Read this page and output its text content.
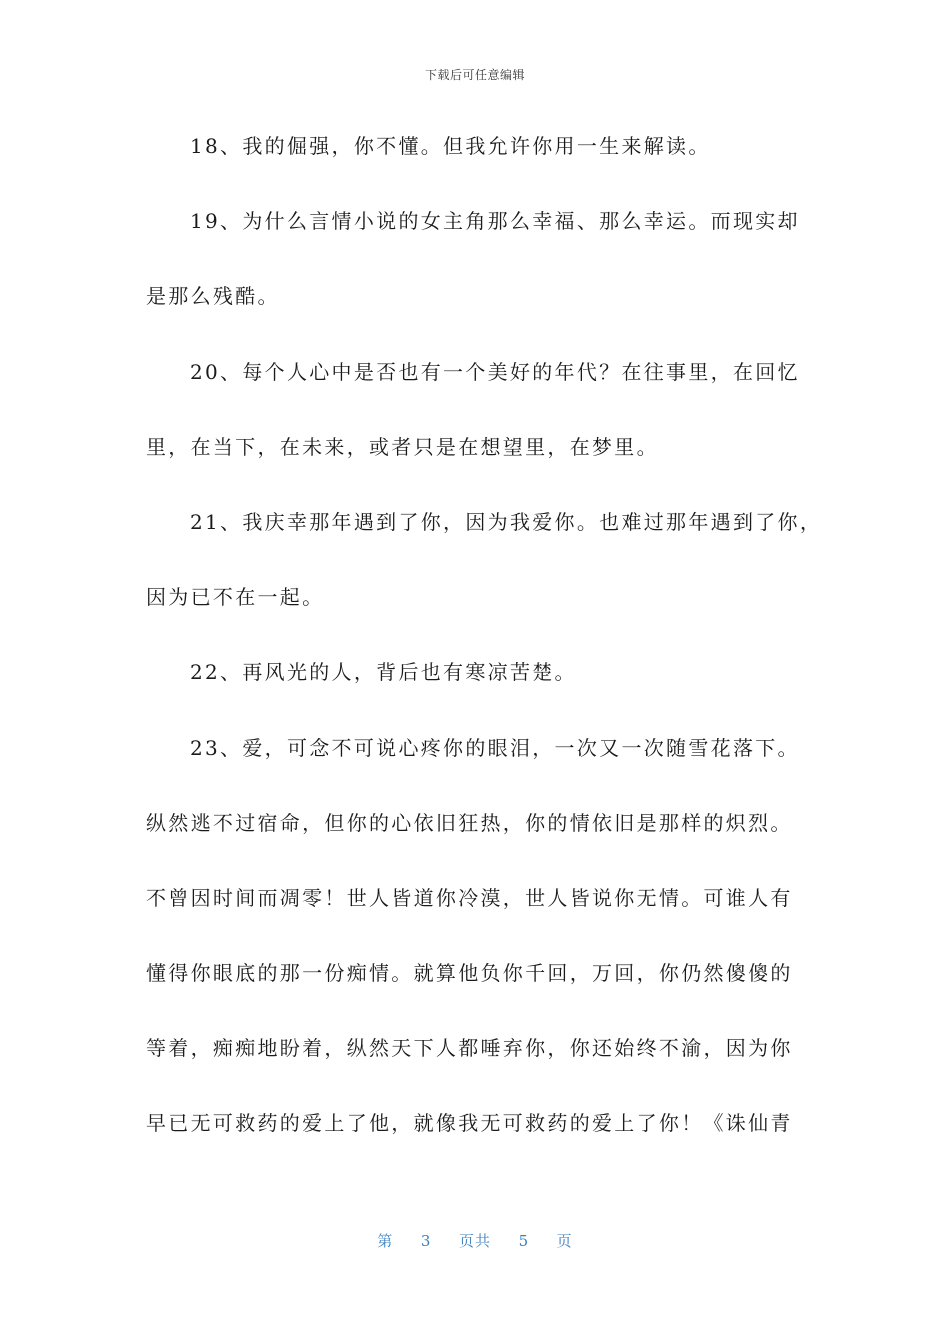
下载后可任意编辑

18、我的倔强，你不懂。但我允许你用一生来解读。

19、为什么言情小说的女主角那么幸福、那么幸运。而现实却
是那么残酷。

20、每个人心中是否也有一个美好的年代？在往事里，在回忆
里，在当下，在未来，或者只是在想望里，在梦里。

21、我庆幸那年遇到了你，因为我爱你。也难过那年遇到了你，
因为已不在一起。

22、再风光的人，背后也有寒凉苦楚。

23、爱，可念不可说心疼你的眼泪，一次又一次随雪花落下。
纵然逃不过宿命，但你的心依旧狂热，你的情依旧是那样的炽烈。
不曾因时间而凋零！世人皆道你冷漠，世人皆说你无情。可谁人有
懂得你眼底的那一份痴情。就算他负你千回，万回，你仍然傻傻的
等着，痴痴地盼着，纵然天下人都唾弃你，你还始终不渝，因为你
早已无可救药的爱上了他，就像我无可救药的爱上了你！《诛仙青

第 3 页共 5 页
